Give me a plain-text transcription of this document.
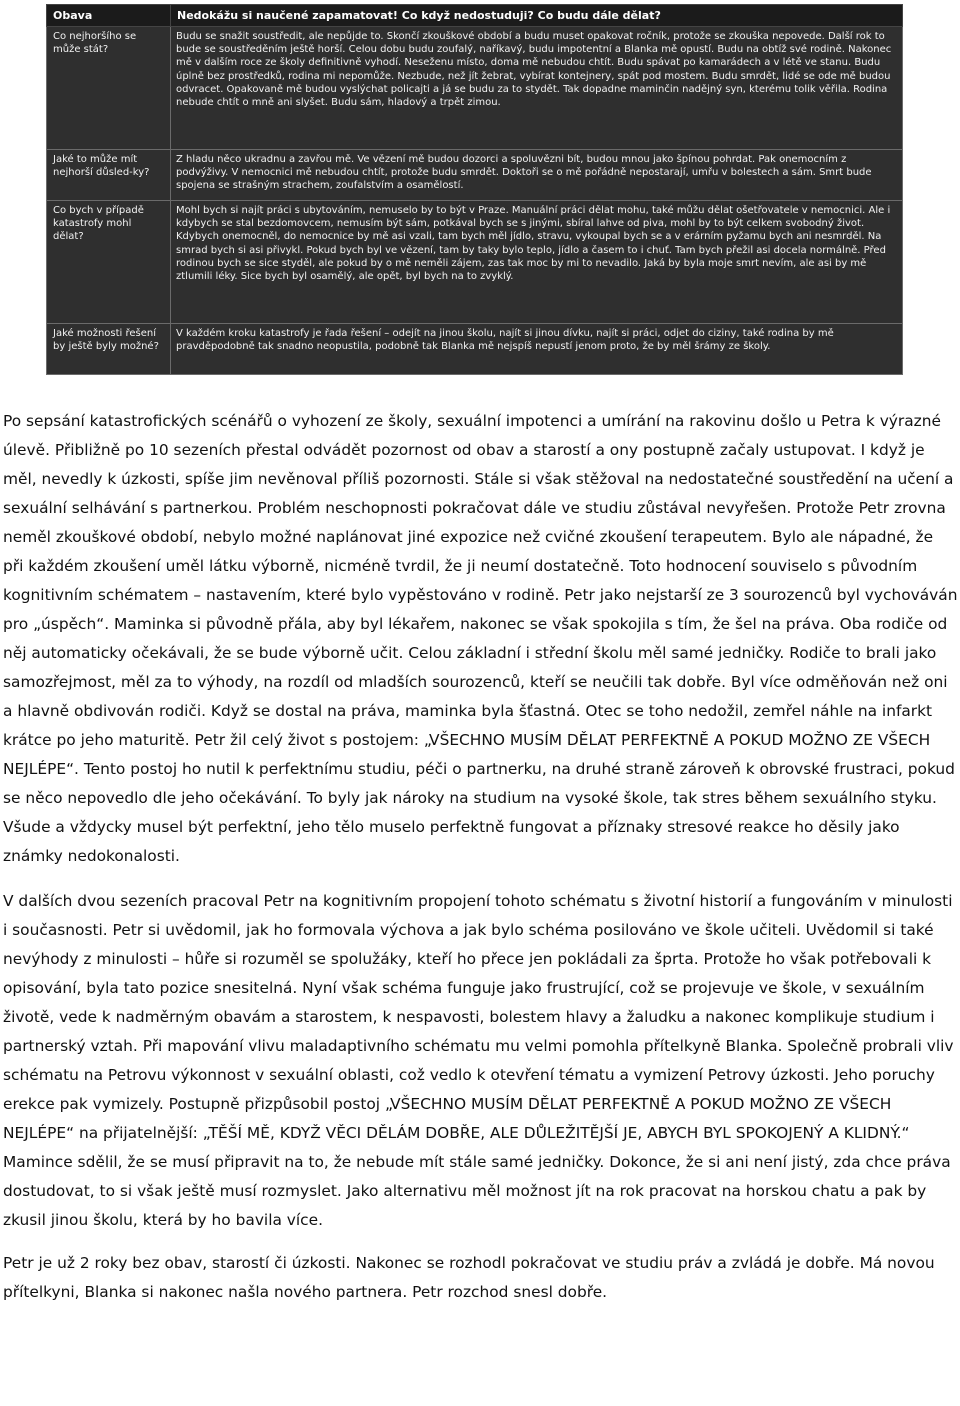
Obava	Nedokážu si naučené zapamatovat! Co když nedostuduji? Co budu dále dělat?
Co nejhoršího se může stát?	Budu se snažit soustředit, ale nepůjde to. Skončí zkouškové období a budu muset opakovat ročník, protože se zkouška nepovede. Další rok to bude se soustředěním ještě horší. Celou dobu budu zoufalý, naříkavý, budu impotentní a Blanka mě opustí. Budu na obtíž své rodině. Nakonec mě v dalším roce ze školy definitivně vyhodí. Neseženu místo, doma mě nebudou chtít. Budu spávat po kamarádech a v létě ve stanu. Budu úplně bez prostředků, rodina mi nepomůže. Nezbude, než jít žebrat, vybírat kontejnery, spát pod mostem. Budu smrdět, lidé se ode mě budou odvracet. Opakovaně mě budou vyslýchat policajti a já se budu za to stydět. Tak dopadne maminčin nadějný syn, kterému tolik věřila. Rodina nebude chtít o mně ani slyšet. Budu sám, hladový a trpět zimou.
Jaké to může mít nejhorší důsled-ky?	Z hladu něco ukradnu a zavřou mě. Ve vězení mě budou dozorci a spoluvězni bít, budou mnou jako špínou pohrdat. Pak onemocním z podvýživy. V nemocnici mě nebudou chtít, protože budu smrdět. Doktoři se o mě pořádně nepostarají, umřu v bolestech a sám. Smrt bude spojena se strašným strachem, zoufalstvím a osamělostí.
Co bych v případě katastrofy mohl dělat?	Mohl bych si najít práci s ubytováním, nemuselo by to být v Praze. Manuální práci dělat mohu, také můžu dělat ošetřovatele v nemocnici. Ale i kdybych se stal bezdomovcem, nemusím být sám, potkával bych se s jinými, sbíral lahve od piva, mohl by to být celkem svobodný život. Kdybych onemocněl, do nemocnice by mě asi vzali, tam bych měl jídlo, stravu, vykoupal bych se a v erárním pyžamu bych ani nesmrděl. Na smrad bych si asi přivykl. Pokud bych byl ve vězení, tam by taky bylo teplo, jídlo a časem to i chuť. Tam bych přežil asi docela normálně. Před rodinou bych se sice styděl, ale pokud by o mě neměli zájem, zas tak moc by mi to nevadilo. Jaká by byla moje smrt nevím, ale asi by mě ztlumili léky. Sice bych byl osamělý, ale opět, byl bych na to zvyklý.
Jaké možnosti řešení by ještě byly možné?	V každém kroku katastrofy je řada řešení – odejít na jinou školu, najít si jinou dívku, najít si práci, odjet do ciziny, také rodina by mě pravděpodobně tak snadno neopustila, podobně tak Blanka mě nejspíš nepustí jenom proto, že by měl šrámy ze školy.

Po sepsání katastrofických scénářů o vyhození ze školy, sexuální impotenci a umírání na rakovinu došlo u Petra k výrazné úlevě. Přibližně po 10 sezeních přestal odvádět pozornost od obav a starostí a ony postupně začaly ustupovat. I když je měl, nevedly k úzkosti, spíše jim nevěnoval příliš pozornosti. Stále si však stěžoval na nedostatečné soustředění na učení a sexuální selhávání s partnerkou. Problém neschopnosti pokračovat dále ve studiu zůstával nevyřešen. Protože Petr zrovna neměl zkouškové období, nebylo možné naplánovat jiné expozice než cvičné zkoušení terapeutem. Bylo ale nápadné, že při každém zkoušení uměl látku výborně, nicméně tvrdil, že ji neumí dostatečně. Toto hodnocení souviselo s původním kognitivním schématem – nastavením, které bylo vypěstováno v rodině. Petr jako nejstarší ze 3 sourozenců byl vychováván pro „úspěch“. Maminka si původně přála, aby byl lékařem, nakonec se však spokojila s tím, že šel na práva. Oba rodiče od něj automaticky očekávali, že se bude výborně učit. Celou základní i střední školu měl samé jedničky. Rodiče to brali jako samozřejmost, měl za to výhody, na rozdíl od mladších sourozenců, kteří se neučili tak dobře. Byl více odměňován než oni a hlavně obdivován rodiči. Když se dostal na práva, maminka byla šťastná. Otec se toho nedožil, zemřel náhle na infarkt krátce po jeho maturitě. Petr žil celý život s postojem: „VŠECHNO MUSÍM DĚLAT PERFEKTNĚ A POKUD MOŽNO ZE VŠECH NEJLÉPE“. Tento postoj ho nutil k perfektnímu studiu, péči o partnerku, na druhé straně zároveň k obrovské frustraci, pokud se něco nepovedlo dle jeho očekávání. To byly jak nároky na studium na vysoké škole, tak stres během sexuálního styku. Všude a vždycky musel být perfektní, jeho tělo muselo perfektně fungovat a příznaky stresové reakce ho děsily jako známky nedokonalosti.

V dalších dvou sezeních pracoval Petr na kognitivním propojení tohoto schématu s životní historií a fungováním v minulosti i současnosti. Petr si uvědomil, jak ho formovala výchova a jak bylo schéma posilováno ve škole učiteli. Uvědomil si také nevýhody z minulosti – hůře si rozuměl se spolužáky, kteří ho přece jen pokládali za šprta. Protože ho však potřebovali k opisování, byla tato pozice snesitelná. Nyní však schéma funguje jako frustrující, což se projevuje ve škole, v sexuálním životě, vede k nadměrným obavám a starostem, k nespavosti, bolestem hlavy a žaludku a nakonec komplikuje studium i partnerský vztah. Při mapování vlivu maladaptivního schématu mu velmi pomohla přítelkyně Blanka. Společně probrali vliv schématu na Petrovu výkonnost v sexuální oblasti, což vedlo k otevření tématu a vymizení Petrovy úzkosti. Jeho poruchy erekce pak vymizely. Postupně přizpůsobil postoj „VŠECHNO MUSÍM DĚLAT PERFEKTNĚ A POKUD MOŽNO ZE VŠECH NEJLÉPE“ na přijatelnější: „TĚŠÍ MĚ, KDYŽ VĚCI DĚLÁM DOBŘE, ALE DŮLEŽITĚJŠÍ JE, ABYCH BYL SPOKOJENÝ A KLIDNÝ.“ Mamince sdělil, že se musí připravit na to, že nebude mít stále samé jedničky. Dokonce, že si ani není jistý, zda chce práva dostudovat, to si však ještě musí rozmyslet. Jako alternativu měl možnost jít na rok pracovat na horskou chatu a pak by zkusil jinou školu, která by ho bavila více.

Petr je už 2 roky bez obav, starostí či úzkosti. Nakonec se rozhodl pokračovat ve studiu práv a zvládá je dobře. Má novou přítelkyni, Blanka si nakonec našla nového partnera. Petr rozchod snesl dobře.
